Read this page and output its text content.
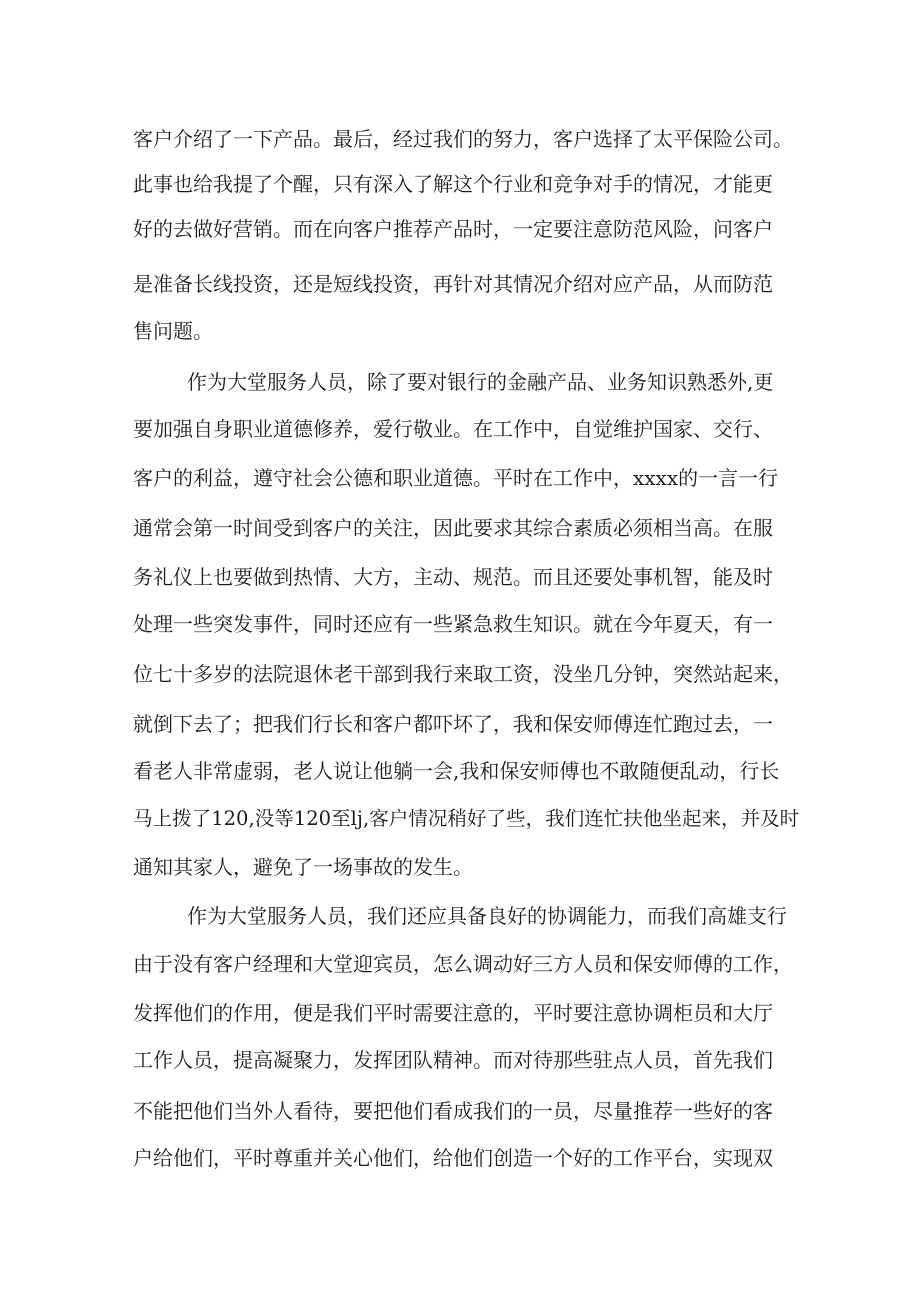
客户介绍了一下产品。最后，经过我们的努力，客户选择了太平保险公司。
此事也给我提了个醒，只有深入了解这个行业和竞争对手的情况，才能更
好的去做好营销。而在向客户推荐产品时，一定要注意防范风险，问客户
是准备长线投资，还是短线投资，再针对其情况介绍对应产品，从而防范
售问题。
作为大堂服务人员，除了要对银行的金融产品、业务知识熟悉外,更
要加强自身职业道德修养，爱行敬业。在工作中，自觉维护国家、交行、
客户的利益，遵守社会公德和职业道德。平时在工作中，xxxx的一言一行
通常会第一时间受到客户的关注，因此要求其综合素质必须相当高。在服
务礼仪上也要做到热情、大方，主动、规范。而且还要处事机智，能及时
处理一些突发事件，同时还应有一些紧急救生知识。就在今年夏天，有一
位七十多岁的法院退休老干部到我行来取工资，没坐几分钟，突然站起来，
就倒下去了；把我们行长和客户都吓坏了，我和保安师傅连忙跑过去，一
看老人非常虚弱，老人说让他躺一会,我和保安师傅也不敢随便乱动，行长
马上拨了120,没等120至lj,客户情况稍好了些，我们连忙扶他坐起来，并及时
通知其家人，避免了一场事故的发生。
作为大堂服务人员，我们还应具备良好的协调能力，而我们高雄支行
由于没有客户经理和大堂迎宾员，怎么调动好三方人员和保安师傅的工作，
发挥他们的作用，便是我们平时需要注意的，平时要注意协调柜员和大厅
工作人员，提高凝聚力，发挥团队精神。而对待那些驻点人员，首先我们
不能把他们当外人看待，要把他们看成我们的一员，尽量推荐一些好的客
户给他们，平时尊重并关心他们，给他们创造一个好的工作平台，实现双
